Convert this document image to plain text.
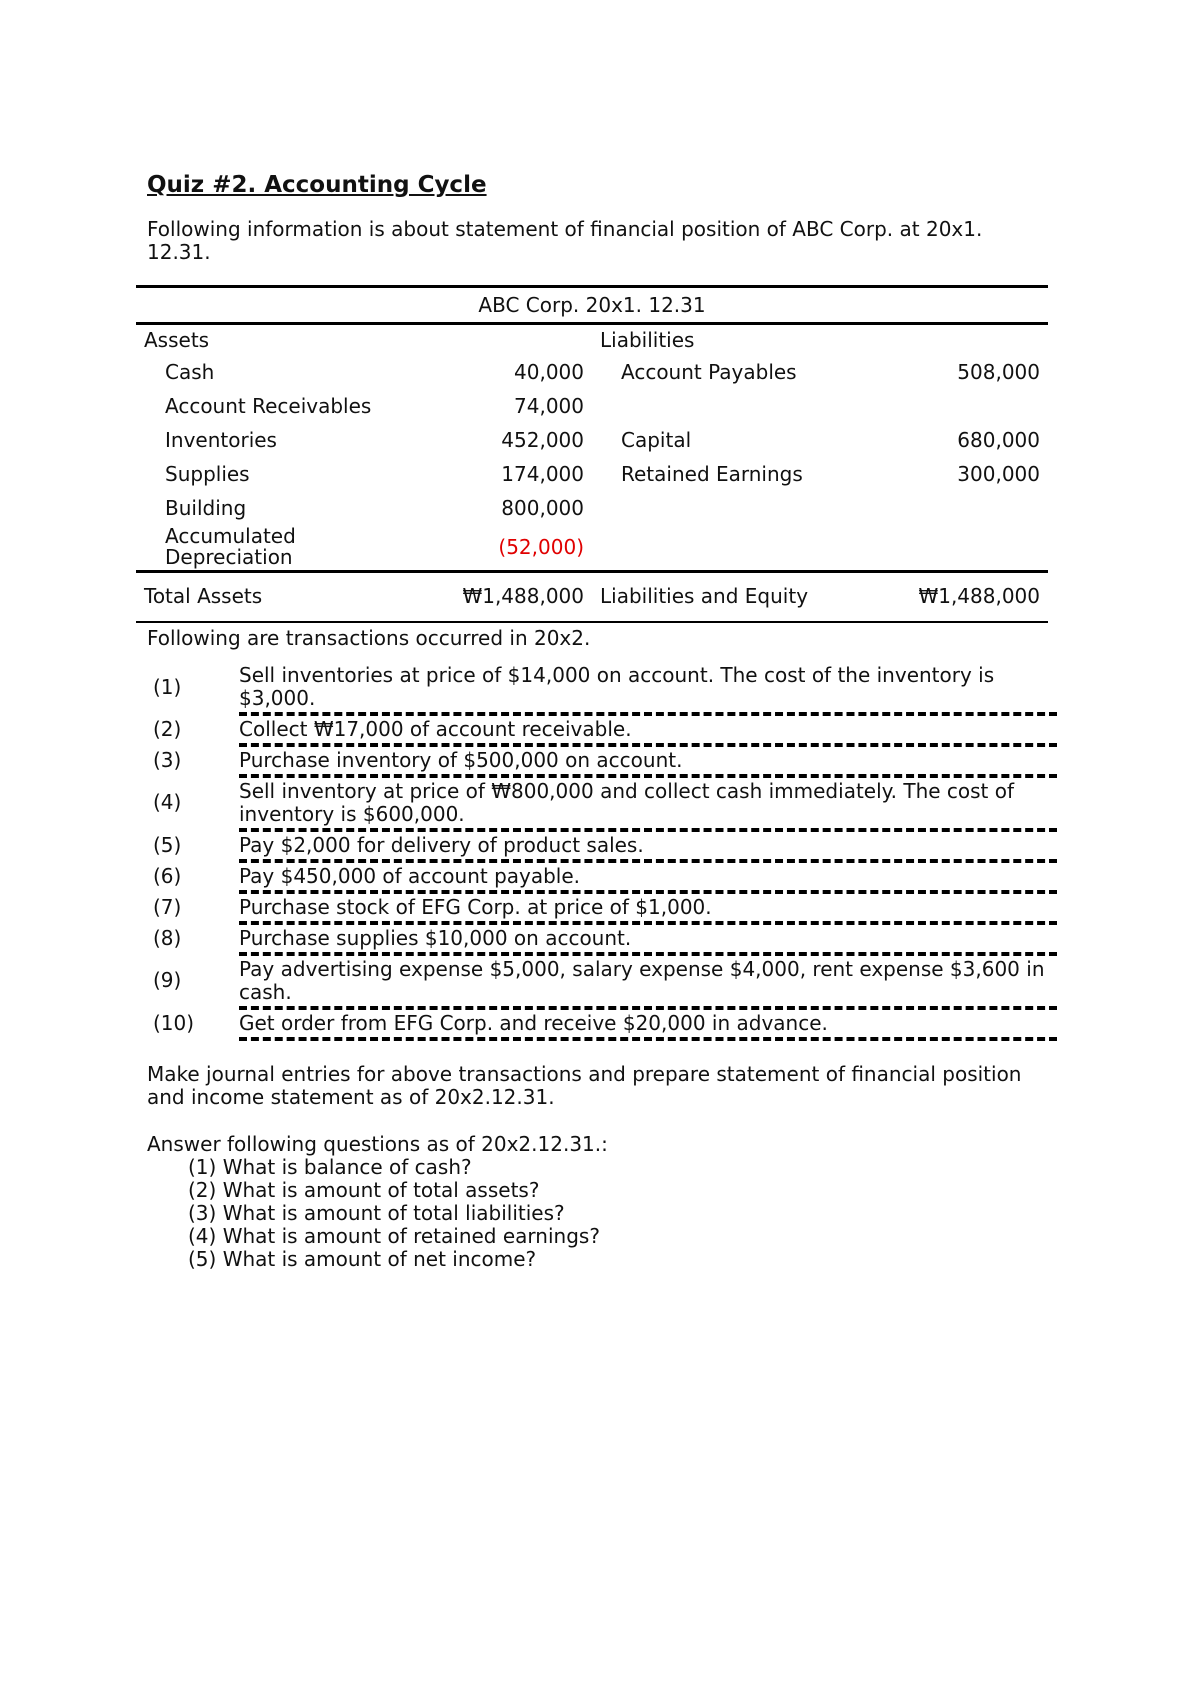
Quiz #2. Accounting Cycle
Following information is about statement of financial position of ABC Corp. at 20x1. 12.31.
ABC Corp. 20x1. 12.31			
Assets		Liabilities	
Cash	40,000	Account Payables	508,000
Account Receivables	74,000		
Inventories	452,000	Capital	680,000
Supplies	174,000	Retained Earnings	300,000
Building	800,000		
Accumulated Depreciation	(52,000)		
Total Assets	₩1,488,000	Liabilities and Equity	₩1,488,000
Following are transactions occurred in 20x2.
(1)	Sell inventories at price of $14,000 on account. The cost of the inventory is $3,000.
(2)	Collect ₩17,000 of account receivable.
(3)	Purchase inventory of $500,000 on account.
(4)	Sell inventory at price of ₩800,000 and collect cash immediately. The cost of inventory is $600,000.
(5)	Pay $2,000 for delivery of product sales.
(6)	Pay $450,000 of account payable.
(7)	Purchase stock of EFG Corp. at price of $1,000.
(8)	Purchase supplies $10,000 on account.
(9)	Pay advertising expense $5,000, salary expense $4,000, rent expense $3,600 in cash.
(10)	Get order from EFG Corp. and receive $20,000 in advance.
Make journal entries for above transactions and prepare statement of financial position and income statement as of 20x2.12.31.
Answer following questions as of 20x2.12.31.:
(1) What is balance of cash?
(2) What is amount of total assets?
(3) What is amount of total liabilities?
(4) What is amount of retained earnings?
(5) What is amount of net income?
